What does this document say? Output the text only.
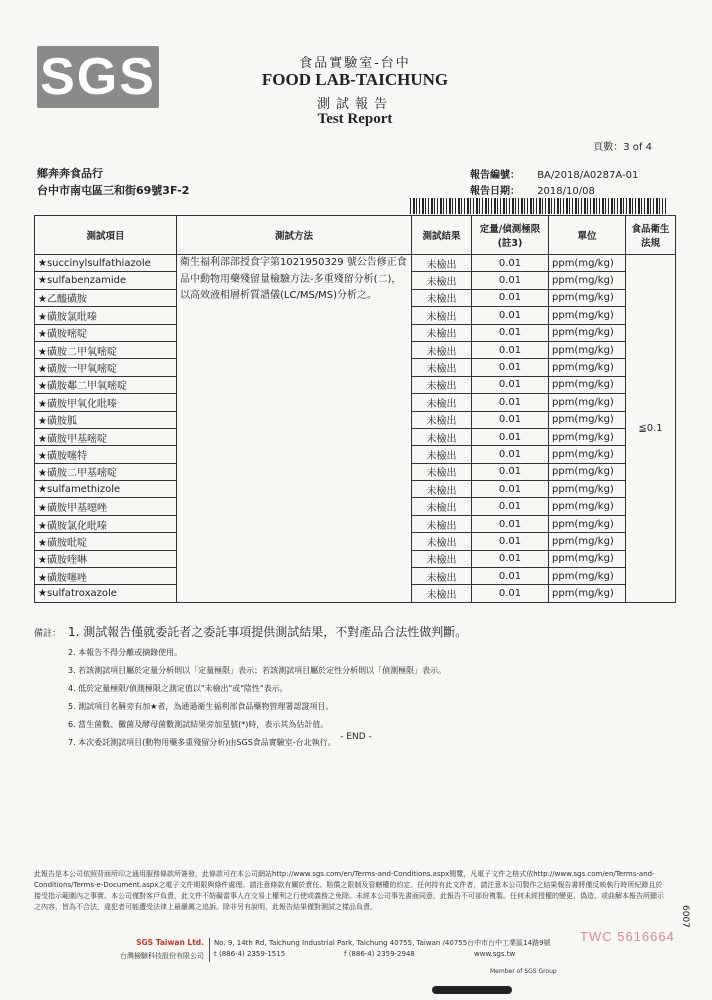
SGS	食品實驗室-台中
FOOD LAB-TAICHUNG
測試報告
Test Report
頁數：3 of 4
鄉奔奔食品行
台中市南屯區三和街69號3F-2
報告編號： BA/2018/A0287A-01
報告日期： 2018/10/08
測試項目	測試方法	測試結果	定量/偵測極限(註3)	單位	食品衛生法規
★succinylsulfathiazole	衛生福利部部授食字第1021950329 號公告修正食品中動物用藥殘留量檢驗方法-多重殘留分析(二)，以高效液相層析質譜儀(LC/MS/MS)分析之。	未檢出	0.01	ppm(mg/kg)	≦0.1
★sulfabenzamide		未檢出	0.01	ppm(mg/kg)	
★乙醯磺胺		未檢出	0.01	ppm(mg/kg)	
★磺胺氯吡嗪		未檢出	0.01	ppm(mg/kg)	
★磺胺嘧啶		未檢出	0.01	ppm(mg/kg)	
★磺胺二甲氧嘧啶		未檢出	0.01	ppm(mg/kg)	
★磺胺一甲氧嘧啶		未檢出	0.01	ppm(mg/kg)	
★磺胺鄰二甲氧嘧啶		未檢出	0.01	ppm(mg/kg)	
★磺胺甲氧化吡嗪		未檢出	0.01	ppm(mg/kg)	
★磺胺胍		未檢出	0.01	ppm(mg/kg)	
★磺胺甲基嘧啶		未檢出	0.01	ppm(mg/kg)	
★磺胺噻特		未檢出	0.01	ppm(mg/kg)	
★磺胺二甲基嘧啶		未檢出	0.01	ppm(mg/kg)	
★sulfamethizole		未檢出	0.01	ppm(mg/kg)	
★磺胺甲基噁唑		未檢出	0.01	ppm(mg/kg)	
★磺胺氯化吡嗪		未檢出	0.01	ppm(mg/kg)	
★磺胺吡啶		未檢出	0.01	ppm(mg/kg)	
★磺胺喹啉		未檢出	0.01	ppm(mg/kg)	
★磺胺噻唑		未檢出	0.01	ppm(mg/kg)	
★sulfatroxazole		未檢出	0.01	ppm(mg/kg)	
備註： 1. 測試報告僅就委託者之委託事項提供測試結果，不對產品合法性做判斷。
2. 本報告不得分離或摘錄使用。
3. 若該測試項目屬於定量分析則以「定量極限」表示；若該測試項目屬於定性分析則以「偵測極限」表示。
4. 低於定量極限/偵測極限之測定值以"未檢出"或"陰性"表示。
5. 測試項目名稱旁有加★者，為通過衛生福利部食品藥物管理署認證項目。
6. 當生菌數、黴菌及酵母菌數測試結果旁加星號(*)時，表示其為估計值。
7. 本次委託測試項目(動物用藥多重殘留分析)由SGS食品實驗室-台北執行。
- END -
此報告是本公司依照背面所印之通用服務條款所簽發，此條款可在本公司網站http://www.sgs.com/en/Terms-and-Conditions.aspx閱覽，凡電子文件之格式依http://www.sgs.com/en/Terms-and-Conditions/Terms-e-Document.aspx之電子文件期限與條件處理。請注意條款有關於責任、賠償之限制及管轄權的約定。任何持有此文件者，請注意本公司製作之結果報告書將僅反映執行時所紀錄且於接受指示範圍內之事實。本公司僅對客戶負責，此文件不妨礙當事人在交易上權利之行使或義務之免除。未經本公司事先書面同意，此報告不可部份複製。任何未經授權的變更、偽造、或曲解本報告所顯示之內容，皆為不合法，違犯者可能遭受法律上最嚴厲之追訴。除非另有說明，此報告結果僅對測試之樣品負責。
SGS Taiwan Ltd.
台灣檢驗科技股份有限公司
No. 9, 14th Rd, Taichung Industrial Park, Taichung 40755, Taiwan /40755台中市台中工業區14路9號
t (886-4) 2359-1515	f (886-4) 2359-2948	www.sgs.tw
Member of SGS Group
TWC 5616664
6007
